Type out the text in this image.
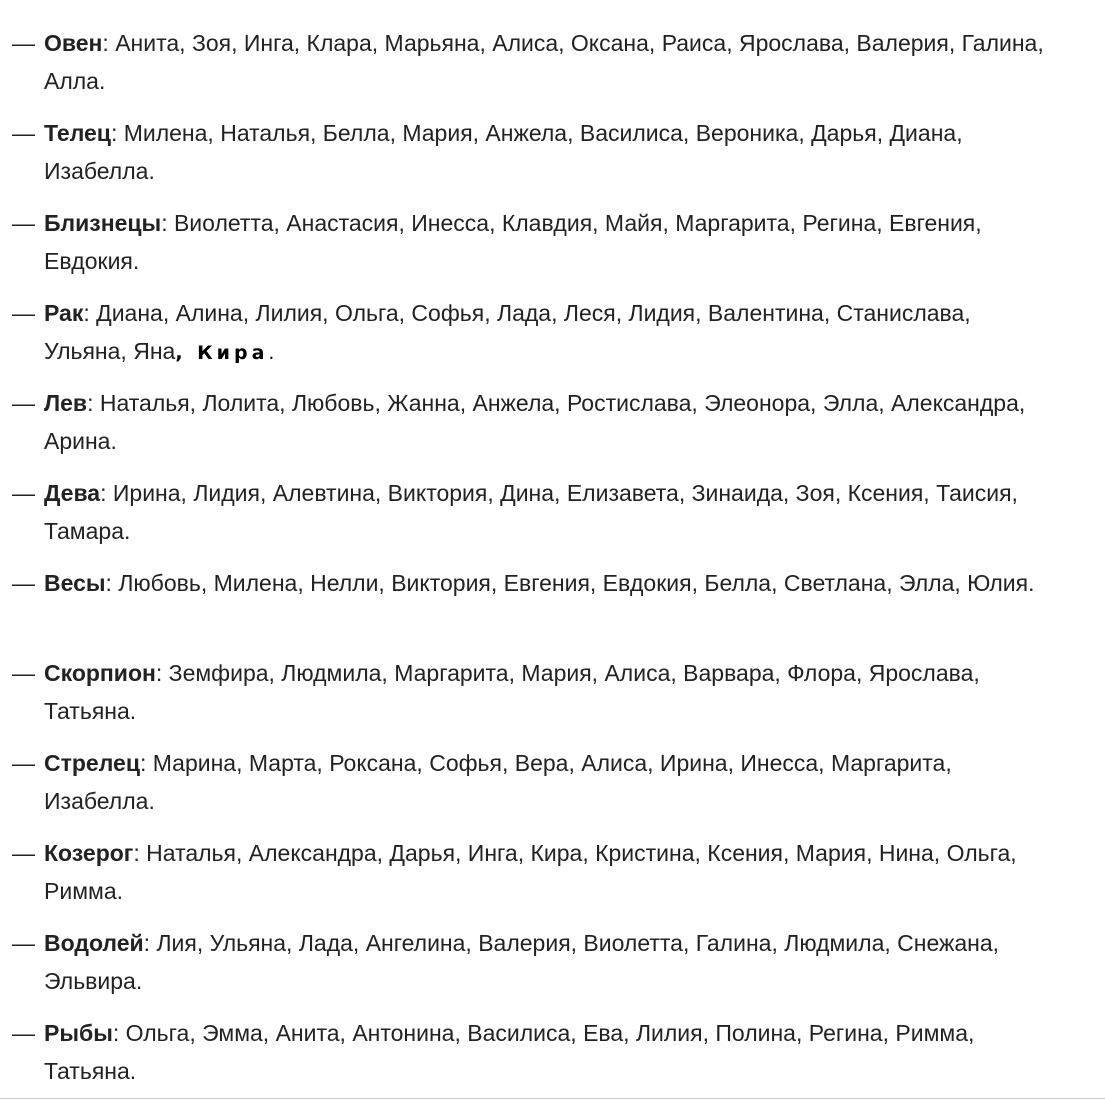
— Овен: Анита, Зоя, Инга, Клара, Марьяна, Алиса, Оксана, Раиса, Ярослава, Валерия, Галина, Алла.
— Телец: Милена, Наталья, Белла, Мария, Анжела, Василиса, Вероника, Дарья, Диана, Изабелла.
— Близнецы: Виолетта, Анастасия, Инесса, Клавдия, Майя, Маргарита, Регина, Евгения, Евдокия.
— Рак: Диана, Алина, Лилия, Ольга, Софья, Лада, Леся, Лидия, Валентина, Станислава, Ульяна, Яна, Кира.
— Лев: Наталья, Лолита, Любовь, Жанна, Анжела, Ростислава, Элеонора, Элла, Александра, Арина.
— Дева: Ирина, Лидия, Алевтина, Виктория, Дина, Елизавета, Зинаида, Зоя, Ксения, Таисия, Тамара.
— Весы: Любовь, Милена, Нелли, Виктория, Евгения, Евдокия, Белла, Светлана, Элла, Юлия.
— Скорпион: Земфира, Людмила, Маргарита, Мария, Алиса, Варвара, Флора, Ярослава, Татьяна.
— Стрелец: Марина, Марта, Роксана, Софья, Вера, Алиса, Ирина, Инесса, Маргарита, Изабелла.
— Козерог: Наталья, Александра, Дарья, Инга, Кира, Кристина, Ксения, Мария, Нина, Ольга, Римма.
— Водолей: Лия, Ульяна, Лада, Ангелина, Валерия, Виолетта, Галина, Людмила, Снежана, Эльвира.
— Рыбы: Ольга, Эмма, Анита, Антонина, Василиса, Ева, Лилия, Полина, Регина, Римма, Татьяна.
